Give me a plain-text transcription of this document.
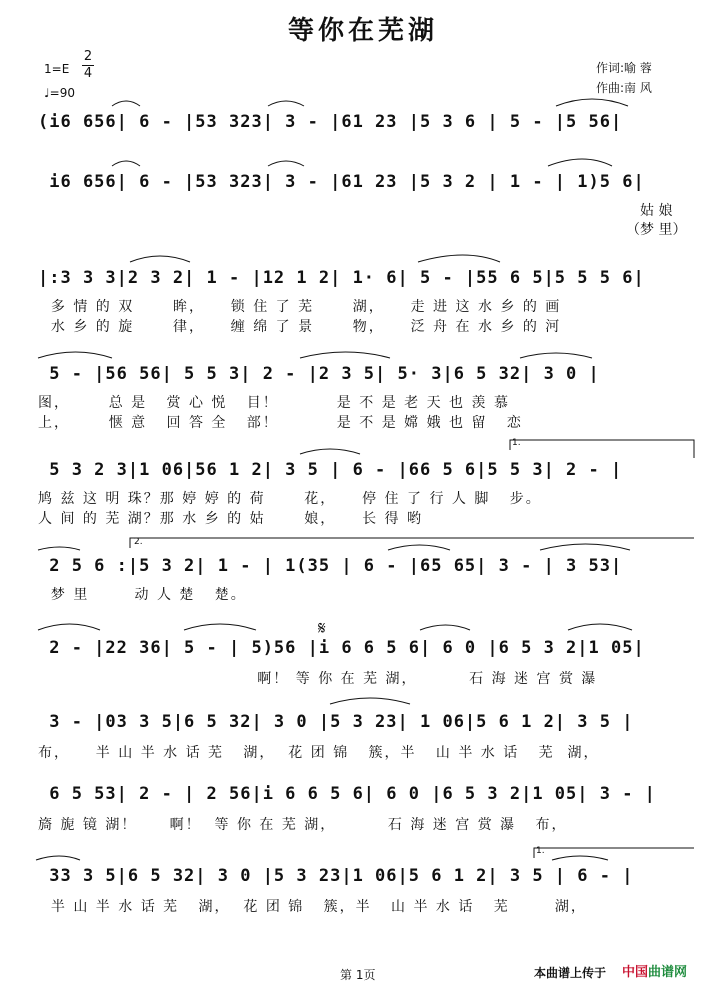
等你在芜湖
1=E
2
4
♩=90
作词:喻 蓉
作曲:南 风
(i6 656| 6 - |53 323| 3 - |61 23 |5 3 6 | 5 - |5 56|
i6 656| 6 - |53 323| 3 - |61 23 |5 3 2 | 1 - | 1)5 6|
姑 娘
（梦 里）
|:3 3 3|2 3 2| 1 - |12 1 2| 1· 6| 5 - |55 6 5|5 5 5 6|
多 情 的 双      眸，    锁 住 了 芜      湖，    走 进 这 水 乡 的 画
水 乡 的 旋      律，    缠 绵 了 景      物，    泛 舟 在 水 乡 的 河
5 - |56 56| 5 5 3| 2 - |2 3 5| 5· 3|6 5 32| 3 0 |
图，      总 是   赏 心 悦   目！         是 不 是 老 天 也 羡 慕
上，      惬 意   回 答 全   部！         是 不 是 嫦 娥 也 留   恋
5 3 2 3|1 06|56 1 2| 3 5 | 6 - |66 5 6|5 5 3| 2 - |
鸠 兹 这 明 珠？那 婷 婷 的 荷      花，    停 住 了 行 人 脚   步。
人 间 的 芜 湖？那 水 乡 的 姑      娘，    长 得 哟
2 5 6 :|5 3 2| 1 - | 1(35 | 6 - |65 65| 3 - | 3 53|
梦 里       动 人 楚   楚。
2 - |22 36| 5 - | 5)56 |i 6 6 5 6| 6 0 |6 5 3 2|1 05|
啊！ 等 你 在 芜 湖，        石 海 迷 宫 赏 瀑
3 - |03 3 5|6 5 32| 3 0 |5 3 23| 1 06|5 6 1 2| 3 5 |
布，    半 山 半 水 话 芜   湖，  花 团 锦   簇，半   山 半 水 话   芜  湖，
6 5 53| 2 - | 2 56|i 6 6 5 6| 6 0 |6 5 3 2|1 05| 3 - |
旖 旎 镜 湖！     啊！  等 你 在 芜 湖，        石 海 迷 宫 赏 瀑   布，
33 3 5|6 5 32| 3 0 |5 3 23|1 06|5 6 1 2| 3 5 | 6 - |
半 山 半 水 话 芜   湖，  花 团 锦   簇，半   山 半 水 话   芜       湖，
1.
2.
1.
𝄋
第 1页	本曲谱上传于 中国曲谱网
